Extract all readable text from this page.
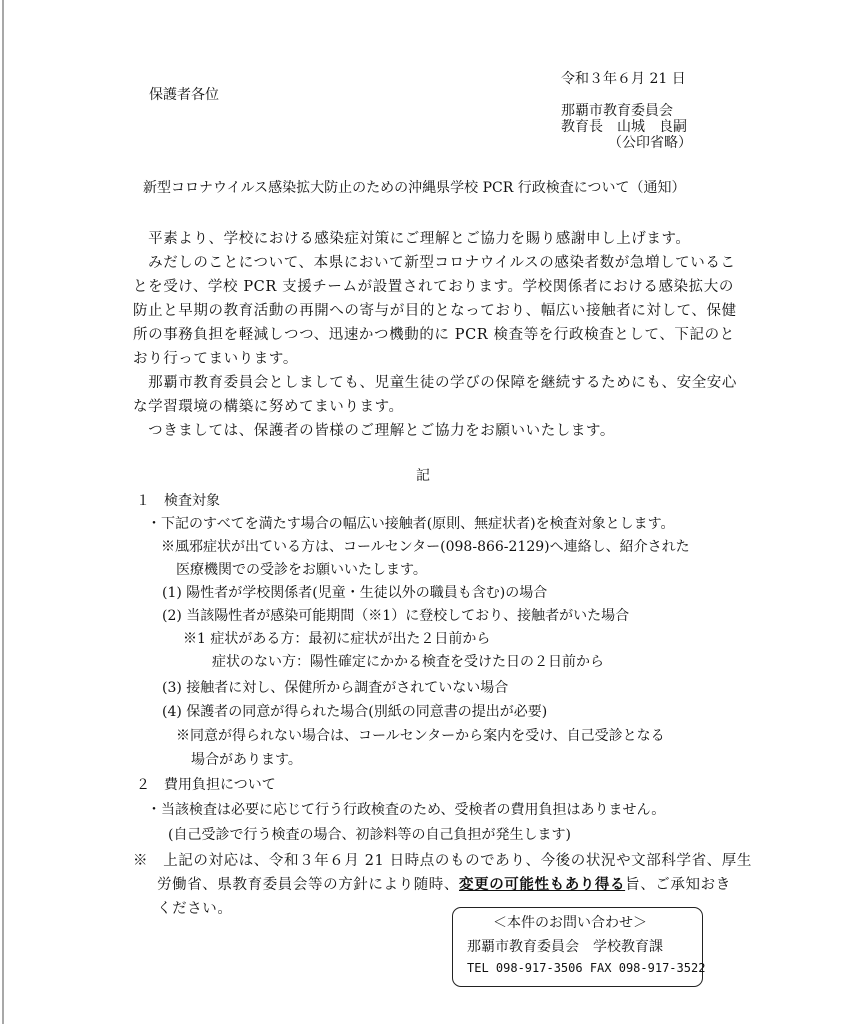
令和３年６月 21 日
保護者各位
那覇市教育委員会
教育長　山城　良嗣
（公印省略）
新型コロナウイルス感染拡大防止のための沖縄県学校 PCR 行政検査について（通知）
　平素より、学校における感染症対策にご理解とご協力を賜り感謝申し上げます。
　みだしのことについて、本県において新型コロナウイルスの感染者数が急増しているこ
とを受け、学校 PCR 支援チームが設置されております。学校関係者における感染拡大の
防止と早期の教育活動の再開への寄与が目的となっており、幅広い接触者に対して、保健
所の事務負担を軽減しつつ、迅速かつ機動的に PCR 検査等を行政検査として、下記のと
おり行ってまいります。
　那覇市教育委員会としましても、児童生徒の学びの保障を継続するためにも、安全安心
な学習環境の構築に努めてまいります。
　つきましては、保護者の皆様のご理解とご協力をお願いいたします。
記
１　検査対象
・下記のすべてを満たす場合の幅広い接触者(原則、無症状者)を検査対象とします。
※風邪症状が出ている方は、コールセンター(098-866-2129)へ連絡し、紹介された
医療機関での受診をお願いいたします。
(1) 陽性者が学校関係者(児童・生徒以外の職員も含む)の場合
(2) 当該陽性者が感染可能期間（※1）に登校しており、接触者がいた場合
※1 症状がある方：最初に症状が出た２日前から
症状のない方：陽性確定にかかる検査を受けた日の２日前から
(3) 接触者に対し、保健所から調査がされていない場合
(4) 保護者の同意が得られた場合(別紙の同意書の提出が必要)
※同意が得られない場合は、コールセンターから案内を受け、自己受診となる
場合があります。
２　費用負担について
・当該検査は必要に応じて行う行政検査のため、受検者の費用負担はありません。
(自己受診で行う検査の場合、初診料等の自己負担が発生します)
※　上記の対応は、令和３年６月 21 日時点のものであり、今後の状況や文部科学省、厚生
労働省、県教育委員会等の方針により随時、変更の可能性もあり得る旨、ご承知おき
ください。
＜本件のお問い合わせ＞
那覇市教育委員会　学校教育課
TEL 098-917-3506 FAX 098-917-3522
